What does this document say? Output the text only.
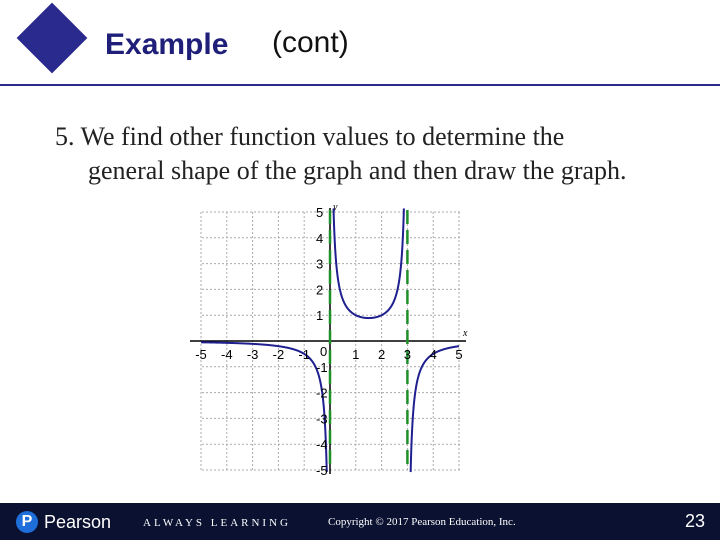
Example (cont)
5. We find other function values to determine the
general shape of the graph and then draw the graph.
x
y
-5 -4 -3 -2 -1 0 1 2 3 4 5
5
4
3
2
1
-1
-2
-3
-4
-5
P Pearson	ALWAYS LEARNING	Copyright © 2017 Pearson Education, Inc.	23
